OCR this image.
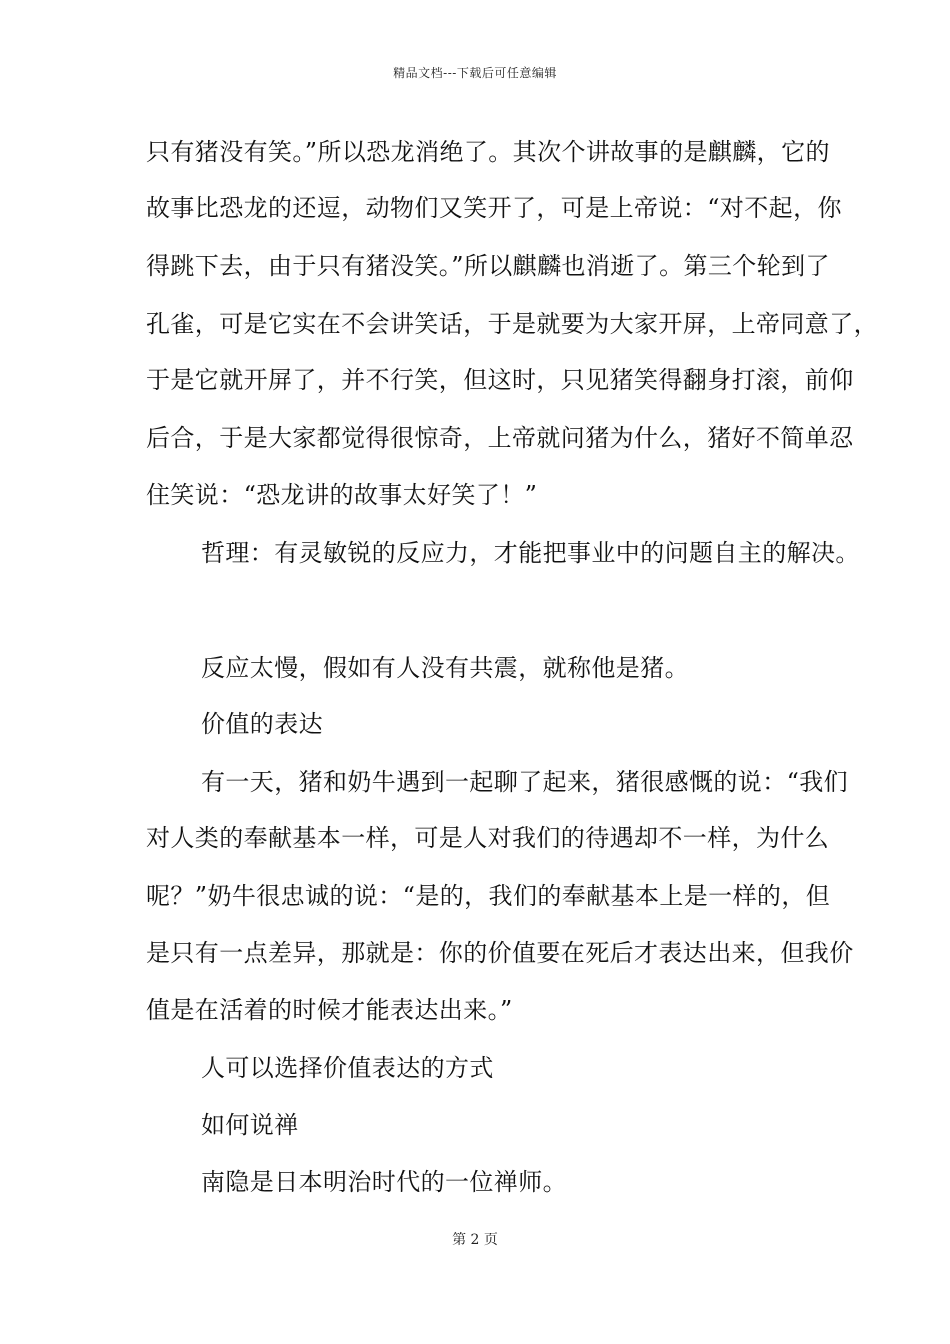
精品文档---下载后可任意编辑
只有猪没有笑。”所以恐龙消绝了。其次个讲故事的是麒麟，它的
故事比恐龙的还逗，动物们又笑开了，可是上帝说：“对不起，你
得跳下去，由于只有猪没笑。”所以麒麟也消逝了。第三个轮到了
孔雀，可是它实在不会讲笑话，于是就要为大家开屏，上帝同意了，
于是它就开屏了，并不行笑，但这时，只见猪笑得翻身打滚，前仰
后合，于是大家都觉得很惊奇，上帝就问猪为什么，猪好不简单忍
住笑说：“恐龙讲的故事太好笑了！”
哲理：有灵敏锐的反应力，才能把事业中的问题自主的解决。
反应太慢，假如有人没有共震，就称他是猪。
价值的表达
有一天，猪和奶牛遇到一起聊了起来，猪很感慨的说：“我们
对人类的奉献基本一样，可是人对我们的待遇却不一样，为什么
呢？”奶牛很忠诚的说：“是的，我们的奉献基本上是一样的，但
是只有一点差异，那就是：你的价值要在死后才表达出来，但我价
值是在活着的时候才能表达出来。”
人可以选择价值表达的方式
如何说禅
南隐是日本明治时代的一位禅师。
第 2 页
